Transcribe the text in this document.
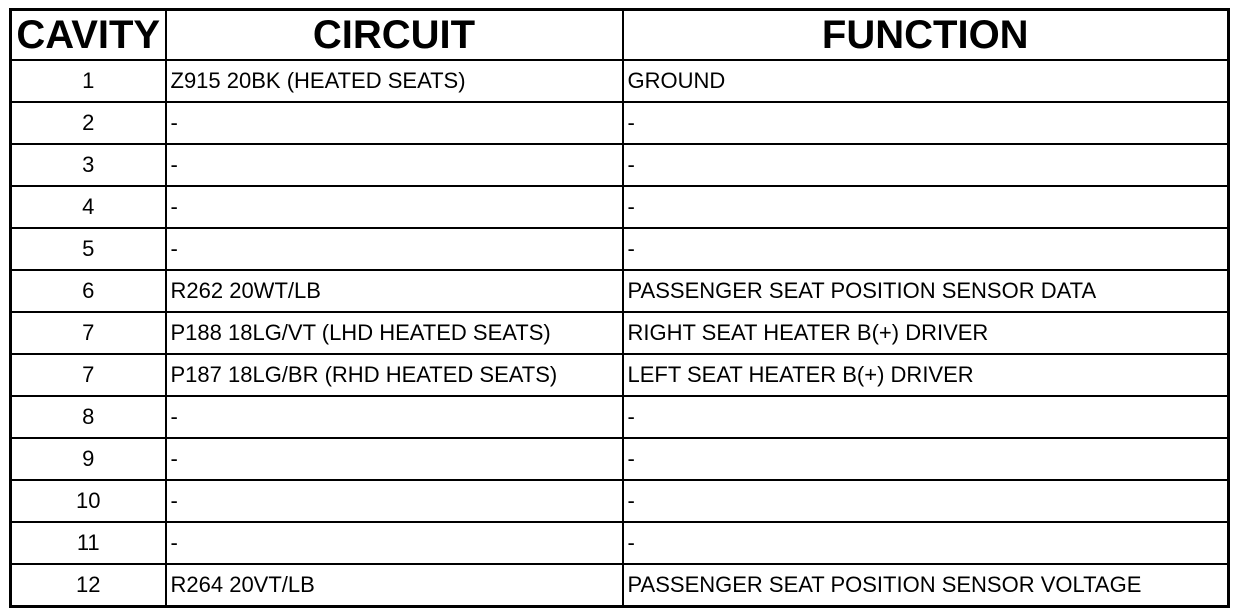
CAVITY	CIRCUIT	FUNCTION
1	Z915 20BK (HEATED SEATS)	GROUND
2	-	-
3	-	-
4	-	-
5	-	-
6	R262 20WT/LB	PASSENGER SEAT POSITION SENSOR DATA
7	P188 18LG/VT (LHD HEATED SEATS)	RIGHT SEAT HEATER B(+) DRIVER
7	P187 18LG/BR (RHD HEATED SEATS)	LEFT SEAT HEATER B(+) DRIVER
8	-	-
9	-	-
10	-	-
11	-	-
12	R264 20VT/LB	PASSENGER SEAT POSITION SENSOR VOLTAGE
